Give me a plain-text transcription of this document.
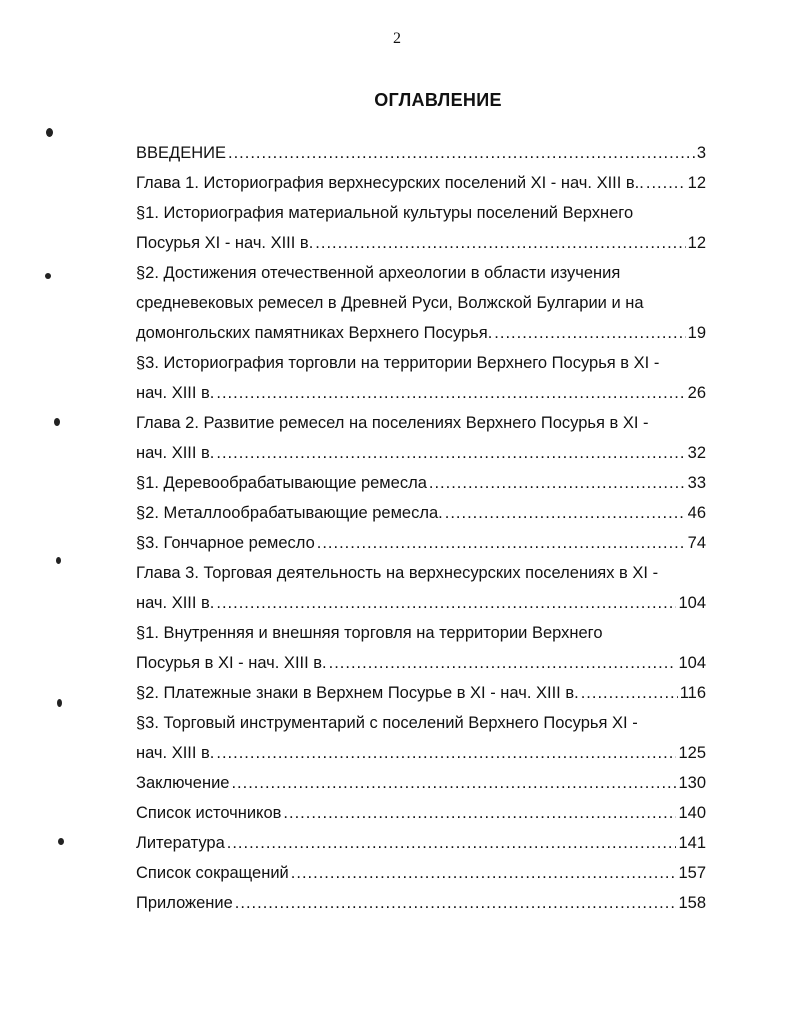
2
ОГЛАВЛЕНИЕ
ВВЕДЕНИЕ .....	3
Глава 1. Историография верхнесурских поселений XI - нач. XIII в.. .....	12
§1. Историография материальной культуры поселений Верхнего
Посурья XI - нач. XIII в. .....	12
§2. Достижения отечественной археологии в области изучения
средневековых ремесел в Древней Руси, Волжской Булгарии и на
домонгольских памятниках Верхнего Посурья. .....	19
§3. Историография торговли на территории Верхнего Посурья в XI -
нач. XIII в. .....	26
Глава 2. Развитие ремесел на поселениях Верхнего Посурья в XI -
нач. XIII в. .....	32
§1. Деревообрабатывающие ремесла .....	33
§2. Металлообрабатывающие ремесла. .....	46
§3. Гончарное ремесло .....	74
Глава 3. Торговая деятельность на верхнесурских поселениях в XI -
нач. XIII в. .....	104
§1. Внутренняя и внешняя торговля на территории Верхнего
Посурья в XI - нач. XIII в. .....	104
§2. Платежные знаки в Верхнем Посурье в XI - нач. XIII в. .....	116
§3. Торговый инструментарий с поселений Верхнего Посурья XI -
нач. XIII в. .....	125
Заключение .....	130
Список источников .....	140
Литература .....	141
Список сокращений .....	157
Приложение .....	158
